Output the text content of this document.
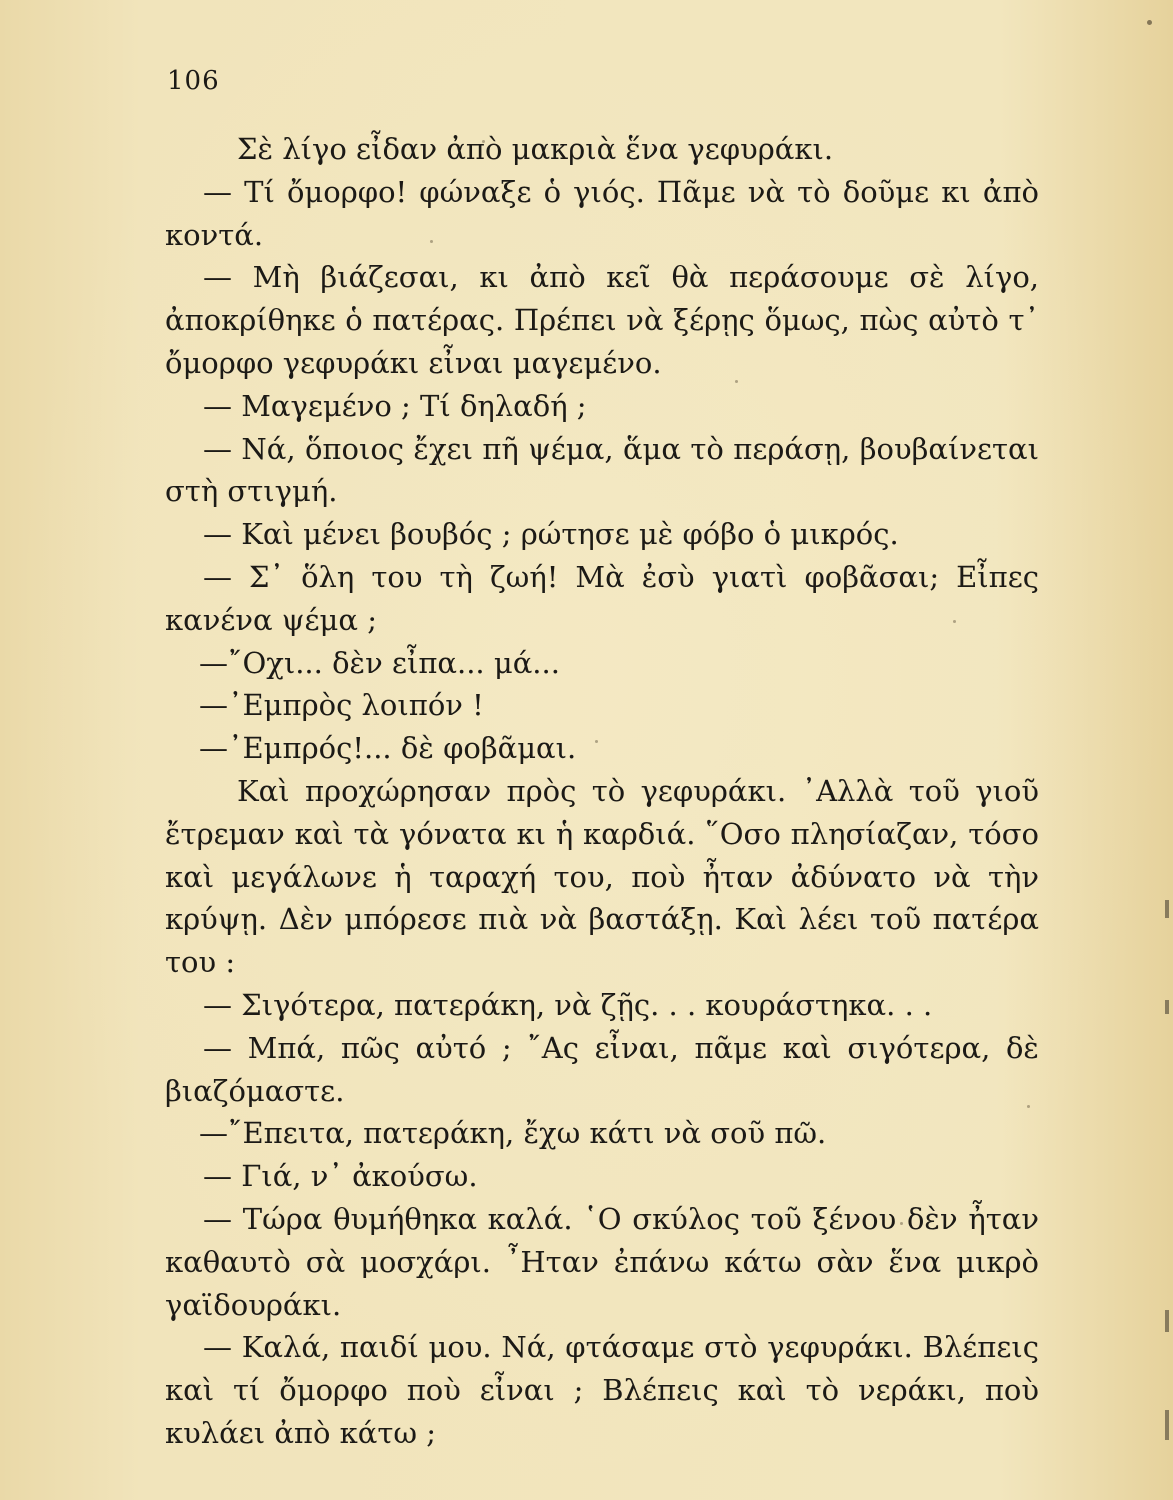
106

Σὲ λίγο εἶδαν ἀπὸ μακριὰ ἕνα γεφυράκι.

— Τί ὄμορφο! φώναξε ὁ γιός. Πᾶμε νὰ τὸ δοῦμε κι ἀπὸ κοντά.

— Μὴ βιάζεσαι, κι ἀπὸ κεῖ θὰ περάσουμε σὲ λίγο, ἀποκρίθηκε ὁ πατέρας. Πρέπει νὰ ξέρῃς ὅμως, πὼς αὐτὸ τ᾿ ὄμορφο γεφυράκι εἶναι μαγεμένο.

— Μαγεμένο ; Τί δηλαδή ;

— Νά, ὅποιος ἔχει πῆ ψέμα, ἅμα τὸ περάσῃ, βουβαίνεται στὴ στιγμή.

— Καὶ μένει βουβός ; ρώτησε μὲ φόβο ὁ μικρός.

— Σ᾿ ὅλη του τὴ ζωή! Μὰ ἐσὺ γιατὶ φοβᾶσαι; Εἶπες κανένα ψέμα ;

—῎Οχι... δὲν εἶπα... μά...

—᾿Εμπρὸς λοιπόν !

—᾿Εμπρός!... δὲ φοβᾶμαι.

Καὶ προχώρησαν πρὸς τὸ γεφυράκι. ᾿Αλλὰ τοῦ γιοῦ ἔτρεμαν καὶ τὰ γόνατα κι ἡ καρδιά. ῞Οσο πλησίαζαν, τόσο καὶ μεγάλωνε ἡ ταραχή του, ποὺ ἦταν ἀδύνατο νὰ τὴν κρύψῃ. Δὲν μπόρεσε πιὰ νὰ βαστάξῃ. Καὶ λέει τοῦ πατέρα του :

— Σιγότερα, πατεράκη, νὰ ζῇς. . . κουράστηκα. . .

— Μπά, πῶς αὐτό ; ῎Ας εἶναι, πᾶμε καὶ σιγότερα, δὲ βιαζόμαστε.

—῎Επειτα, πατεράκη, ἔχω κάτι νὰ σοῦ πῶ.

— Γιά, ν᾿ ἀκούσω.

— Τώρα θυμήθηκα καλά. ῾Ο σκύλος τοῦ ξένου δὲν ἦταν καθαυτὸ σὰ μοσχάρι. ῏Ηταν ἐπάνω κάτω σὰν ἕνα μικρὸ γαϊδουράκι.

— Καλά, παιδί μου. Νά, φτάσαμε στὸ γεφυράκι. Βλέπεις καὶ τί ὄμορφο ποὺ εἶναι ; Βλέπεις καὶ τὸ νεράκι, ποὺ κυλάει ἀπὸ κάτω ;
